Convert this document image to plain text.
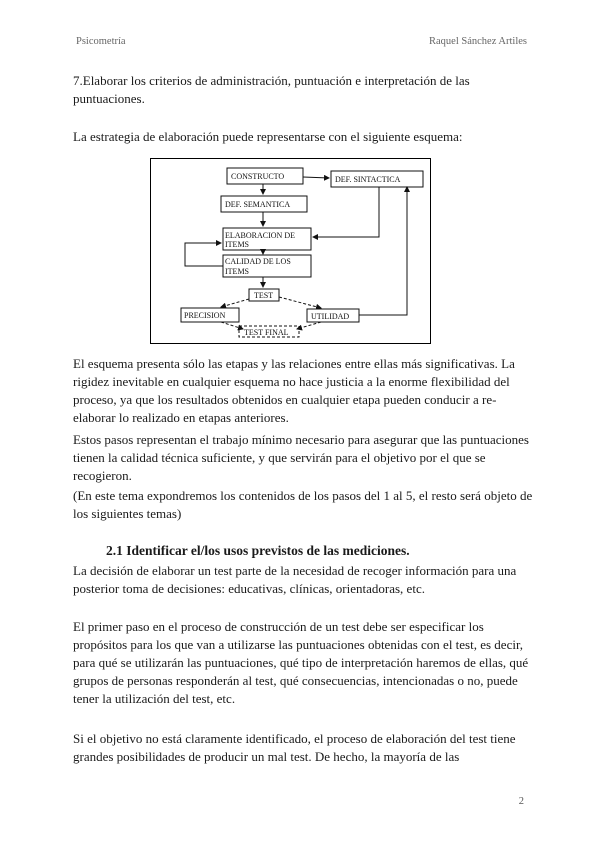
Psicometría	Raquel Sánchez Artiles

7.Elaborar los criterios de administración, puntuación e interpretación de las puntuaciones.

La estrategia de elaboración puede representarse con el siguiente esquema:

CONSTRUCTO	DEF. SINTACTICA
DEF. SEMANTICA
ELABORACION DE
ITEMS
CALIDAD DE LOS
ITEMS
TEST
PRECISION	UTILIDAD
TEST FINAL

El esquema presenta sólo las etapas y las relaciones entre ellas más significativas. La rigidez inevitable en cualquier esquema no hace justicia a la enorme flexibilidad del proceso, ya que los resultados obtenidos en cualquier etapa pueden conducir a re-elaborar lo realizado en etapas anteriores.

Estos pasos representan el trabajo mínimo necesario para asegurar que las puntuaciones tienen la calidad técnica suficiente, y que servirán para el objetivo por el que se recogieron.

(En este tema expondremos los contenidos de los pasos del 1 al 5, el resto será objeto de los siguientes temas)

2.1 Identificar el/los usos previstos de las mediciones.

La decisión de elaborar un test parte de la necesidad de recoger información para una posterior toma de decisiones: educativas, clínicas, orientadoras, etc.

El primer paso en el proceso de construcción de un test debe ser especificar los propósitos para los que van a utilizarse las puntuaciones obtenidas con el test, es decir, para qué se utilizarán las puntuaciones, qué tipo de interpretación haremos de ellas, qué grupos de personas responderán al test, qué consecuencias, intencionadas o no, puede tener la utilización del test, etc.

Si el objetivo no está claramente identificado, el proceso de elaboración del test tiene grandes posibilidades de producir un mal test. De hecho, la mayoría de las

2
